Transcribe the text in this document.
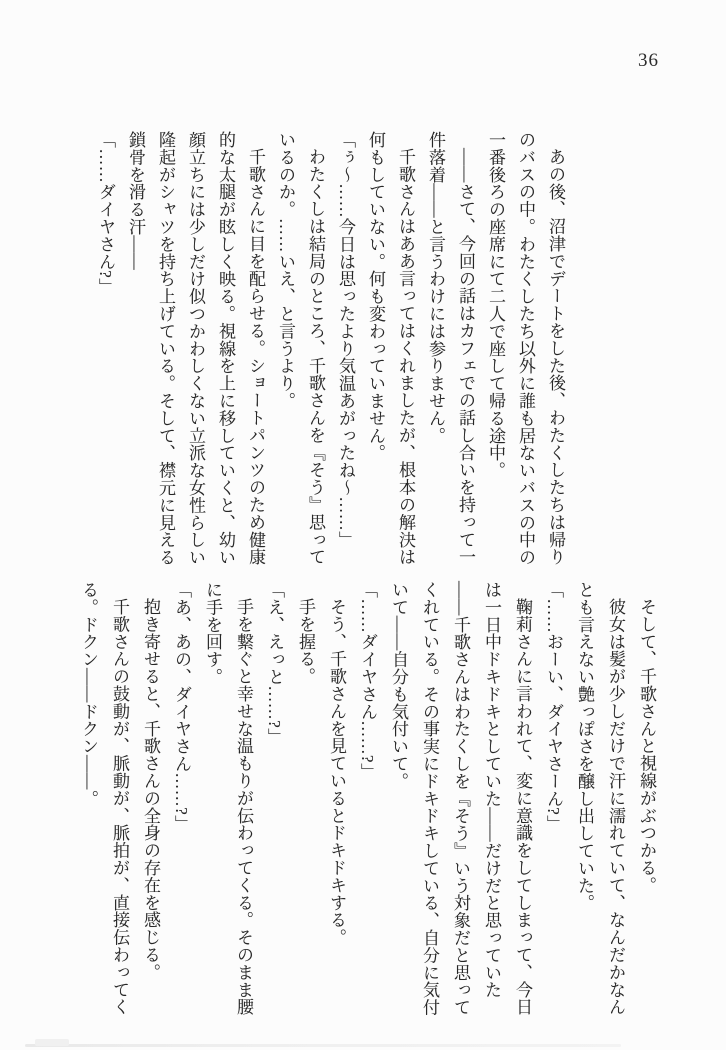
36

あの後、沼津でデートをした後、わたくしたちは帰りのバスの中。わたくしたち以外に誰も居ないバスの中の一番後ろの座席にて二人で座して帰る途中。

——さて、今回の話はカフェでの話し合いを持って一件落着——と言うわけには参りません。

千歌さんはああ言ってはくれましたが、根本の解決は何もしていない。何も変わっていません。

「ぅ〜……今日は思ったより気温あがったね〜……」

わたくしは結局のところ、千歌さんを『そう』思っているのか。……いえ、と言うより。

千歌さんに目を配らせる。ショートパンツのため健康的な太腿が眩しく映る。視線を上に移していくと、幼い顔立ちには少しだけ似つかわしくない立派な女性らしい隆起がシャツを持ち上げている。そして、襟元に見える鎖骨を滑る汗——

「……ダイヤさん?」

そして、千歌さんと視線がぶつかる。

彼女は髪が少しだけで汗に濡れていて、なんだかなんとも言えない艶っぽさを醸し出していた。

「……おーい、ダイヤさーん?」

鞠莉さんに言われて、変に意識をしてしまって、今日は一日中ドキドキとしていた——だけだと思っていた——千歌さんはわたくしを『そう』いう対象だと思ってくれている。その事実にドキドキしている、自分に気付いて——自分も気付いて。

「……ダイヤさん……?」

そう、千歌さんを見ているとドキドキする。

手を握る。

「え、えっと……?」

手を繋ぐと幸せな温もりが伝わってくる。そのまま腰に手を回す。

「あ、あの、ダイヤさん……?」

抱き寄せると、千歌さんの全身の存在を感じる。

千歌さんの鼓動が、脈動が、脈拍が、直接伝わってくる。ドクン——ドクン——。
